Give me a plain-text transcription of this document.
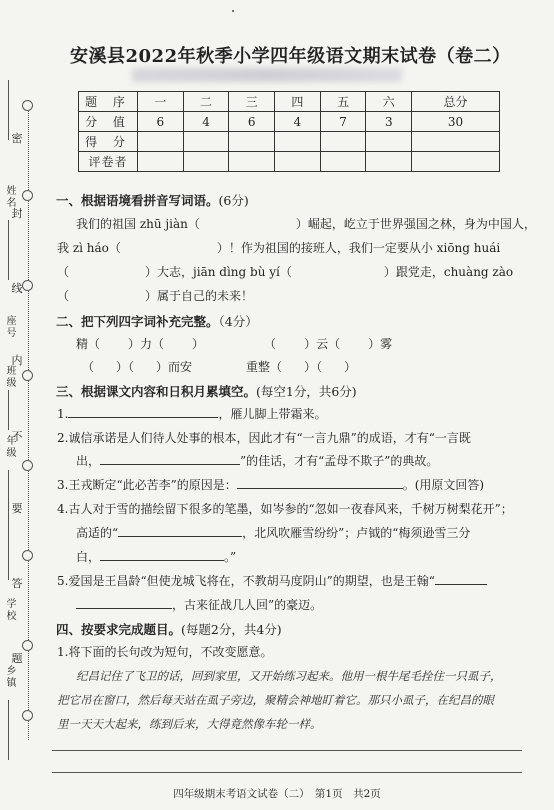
密
封
线
内
不
要
答
题
姓名
座号
班级
年级
学校
乡镇
安溪县2022年秋季小学四年级语文期末试卷（卷二）
题 序	一	二	三	四	五	六	总分
分 值	6	4	6	4	7	3	30
得 分							
评卷者							
一、根据语境看拼音写词语。(6分)
我们的祖国 zhū jiàn（	）崛起，屹立于世界强国之林，身为中国人，
我 zì háo（	）！作为祖国的接班人，我们一定要从小 xiōng huái
（	）大志，jiān dìng bù yí（	）跟党走，chuàng zào
（	）属于自己的未来！
二、把下列四字词补充完整。（4分）
精（ ）力（ ）	（ ）云（ ）雾
（ ）（ ）而安	重整（ ）（ ）
三、根据课文内容和日积月累填空。(每空1分，共6分)
1.	，雁儿脚上带霜来。
2.诚信承诺是人们待人处事的根本，因此才有“一言九鼎”的成语，才有“一言既
出，	”的佳话，才有“孟母不欺子”的典故。
3.王戎断定“此必苦李”的原因是：	。(用原文回答)
4.古人对于雪的描绘留下很多的笔墨，如岑参的“忽如一夜春风来，千树万树梨花开”；
高适的“	，北风吹雁雪纷纷”；卢钺的“梅须逊雪三分
白，	。”
5.爱国是王昌龄“但使龙城飞将在，不教胡马度阴山”的期望，也是王翰“
，古来征战几人回”的豪迈。
四、按要求完成题目。(每题2分，共4分)
1.将下面的长句改为短句，不改变愿意。
纪昌记住了飞卫的话，回到家里，又开始练习起来。他用一根牛尾毛拴住一只虱子，
把它吊在窗口，然后每天站在虱子旁边，聚精会神地盯着它。那只小虱子，在纪昌的眼
里一天天大起来，练到后来，大得竟然像车轮一样。
四年级期末考语文试卷（二）　第1页　共2页
